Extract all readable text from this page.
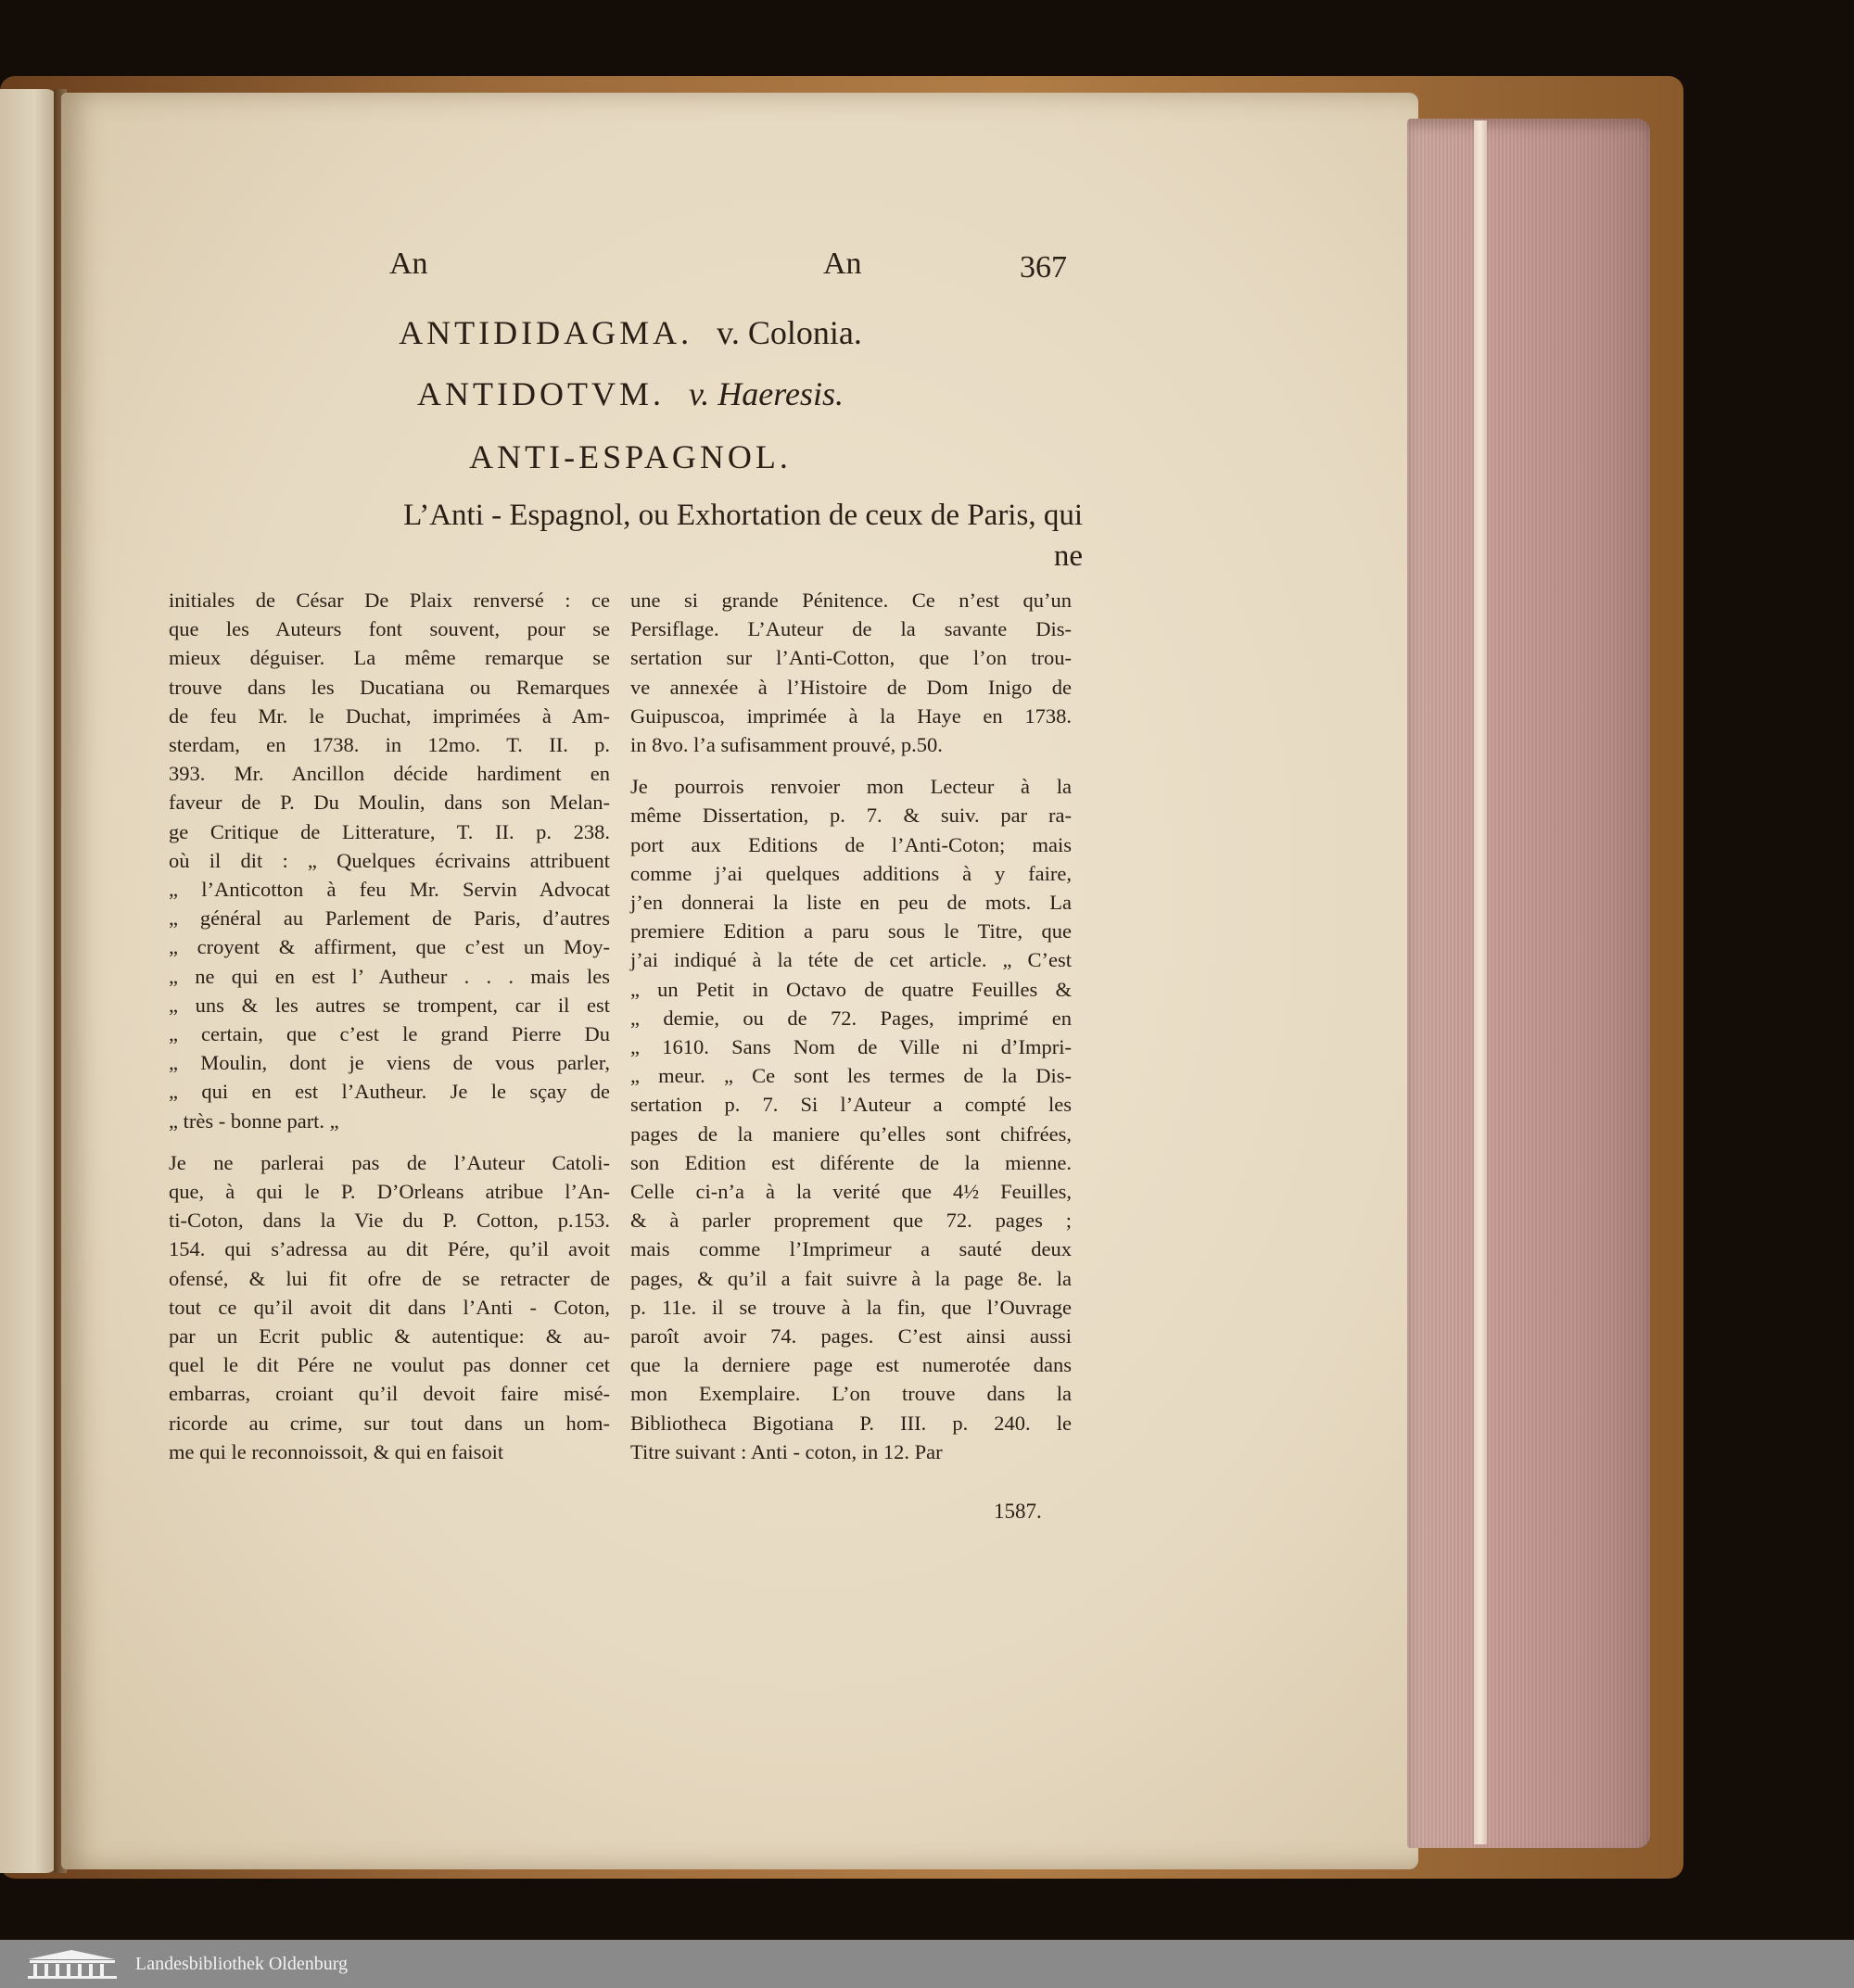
An	An	367
ANTIDIDAGMA. v. Colonia.
ANTIDOTVM. v. Haeresis.
ANTI-ESPAGNOL.
L’Anti - Espagnol, ou Exhortation de ceux de Paris, qui
ne
initiales de César De Plaix renversé : ce
que les Auteurs font souvent, pour se
mieux déguiser. La même remarque se
trouve dans les Ducatiana ou Remarques
de feu Mr. le Duchat, imprimées à Am-
sterdam, en 1738. in 12mo. T. II. p.
393. Mr. Ancillon décide hardiment en
faveur de P. Du Moulin, dans son Melan-
ge Critique de Litterature, T. II. p. 238.
où il dit : „ Quelques écrivains attribuent
„ l’Anticotton à feu Mr. Servin Advocat
„ général au Parlement de Paris, d’autres
„ croyent & affirment, que c’est un Moy-
„ ne qui en est l’ Autheur . . . mais les
„ uns & les autres se trompent, car il est
„ certain, que c’est le grand Pierre Du
„ Moulin, dont je viens de vous parler,
„ qui en est l’Autheur. Je le sçay de
„ très - bonne part. „
Je ne parlerai pas de l’Auteur Catoli-
que, à qui le P. D’Orleans atribue l’An-
ti-Coton, dans la Vie du P. Cotton, p.153.
154. qui s’adressa au dit Pére, qu’il avoit
ofensé, & lui fit ofre de se retracter de
tout ce qu’il avoit dit dans l’Anti - Coton,
par un Ecrit public & autentique: & au-
quel le dit Pére ne voulut pas donner cet
embarras, croiant qu’il devoit faire misé-
ricorde au crime, sur tout dans un hom-
me qui le reconnoissoit, & qui en faisoit
une si grande Pénitence. Ce n’est qu’un
Persiflage. L’Auteur de la savante Dis-
sertation sur l’Anti-Cotton, que l’on trou-
ve annexée à l’Histoire de Dom Inigo de
Guipuscoa, imprimée à la Haye en 1738.
in 8vo. l’a sufisamment prouvé, p.50.
Je pourrois renvoier mon Lecteur à la
même Dissertation, p. 7. & suiv. par ra-
port aux Editions de l’Anti-Coton; mais
comme j’ai quelques additions à y faire,
j’en donnerai la liste en peu de mots. La
premiere Edition a paru sous le Titre, que
j’ai indiqué à la téte de cet article. „ C’est
„ un Petit in Octavo de quatre Feuilles &
„ demie, ou de 72. Pages, imprimé en
„ 1610. Sans Nom de Ville ni d’Impri-
„ meur. „ Ce sont les termes de la Dis-
sertation p. 7. Si l’Auteur a compté les
pages de la maniere qu’elles sont chifrées,
son Edition est diférente de la mienne.
Celle ci-n’a à la verité que 4½ Feuilles,
& à parler proprement que 72. pages ;
mais comme l’Imprimeur a sauté deux
pages, & qu’il a fait suivre à la page 8e. la
p. 11e. il se trouve à la fin, que l’Ouvrage
paroît avoir 74. pages. C’est ainsi aussi
que la derniere page est numerotée dans
mon Exemplaire. L’on trouve dans la
Bibliotheca Bigotiana P. III. p. 240. le
Titre suivant : Anti - coton, in 12. Par
1587.
Landesbibliothek Oldenburg
